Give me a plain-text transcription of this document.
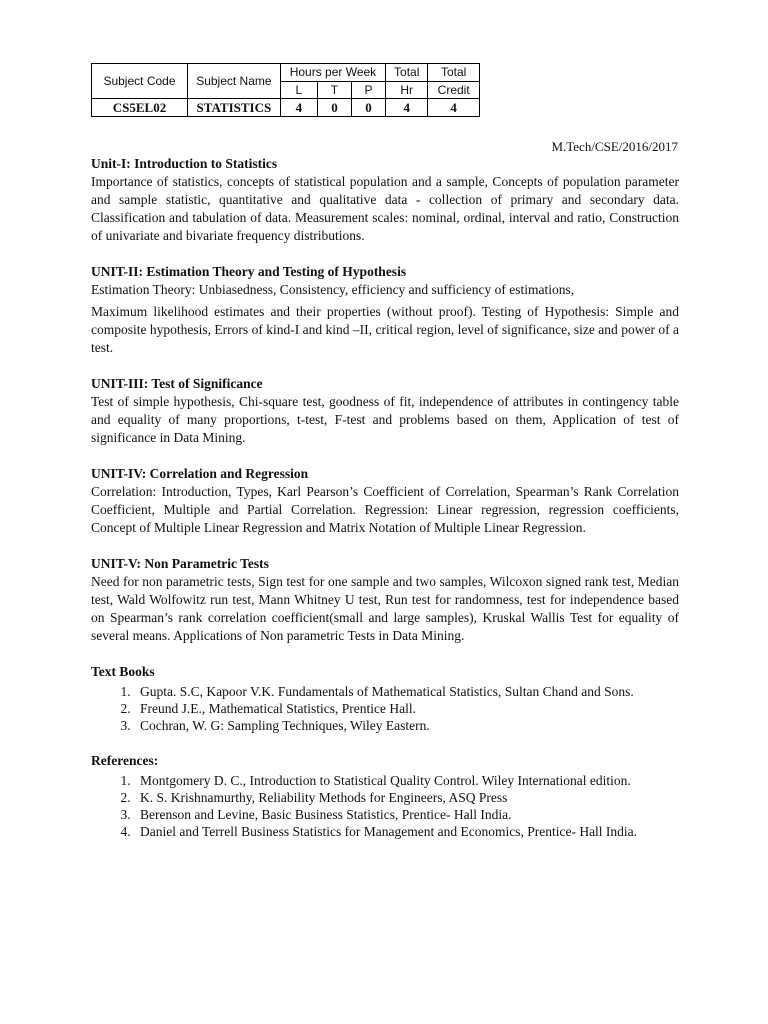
Subject Code	Subject Name	Hours per Week			Total	Total
		L	T	P	Hr	Credit
CS5EL02	STATISTICS	4	0	0	4	4
M.Tech/CSE/2016/2017
Unit-I: Introduction to Statistics

Importance of statistics, concepts of statistical population and a sample, Concepts of population parameter and sample statistic, quantitative and qualitative data - collection of primary and secondary data. Classification and tabulation of data. Measurement scales: nominal, ordinal, interval and ratio, Construction of univariate and bivariate frequency distributions.

UNIT-II: Estimation Theory and Testing of Hypothesis

Estimation Theory: Unbiasedness, Consistency, efficiency and sufficiency of estimations,

Maximum likelihood estimates and their properties (without proof). Testing of Hypothesis: Simple and composite hypothesis, Errors of kind-I and kind –II, critical region, level of significance, size and power of a test.

UNIT-III: Test of Significance

Test of simple hypothesis, Chi-square test, goodness of fit, independence of attributes in contingency table and equality of many proportions, t-test, F-test and problems based on them, Application of test of significance in Data Mining.

UNIT-IV: Correlation and Regression

Correlation: Introduction, Types, Karl Pearson’s Coefficient of Correlation, Spearman’s Rank Correlation Coefficient, Multiple and Partial Correlation. Regression: Linear regression, regression coefficients, Concept of Multiple Linear Regression and Matrix Notation of Multiple Linear Regression.

UNIT-V: Non Parametric Tests

Need for non parametric tests, Sign test for one sample and two samples, Wilcoxon signed rank test, Median test, Wald Wolfowitz run test, Mann Whitney U test, Run test for randomness, test for independence based on Spearman’s rank correlation coefficient(small and large samples), Kruskal Wallis Test for equality of several means. Applications of Non parametric Tests in Data Mining.

Text Books
1. Gupta. S.C, Kapoor V.K. Fundamentals of Mathematical Statistics, Sultan Chand and Sons.
2. Freund J.E., Mathematical Statistics, Prentice Hall.
3. Cochran, W. G: Sampling Techniques, Wiley Eastern.
References:
1. Montgomery D. C., Introduction to Statistical Quality Control. Wiley International edition.
2. K. S. Krishnamurthy, Reliability Methods for Engineers, ASQ Press
3. Berenson and Levine, Basic Business Statistics, Prentice- Hall India.
4. Daniel and Terrell Business Statistics for Management and Economics, Prentice- Hall India.
